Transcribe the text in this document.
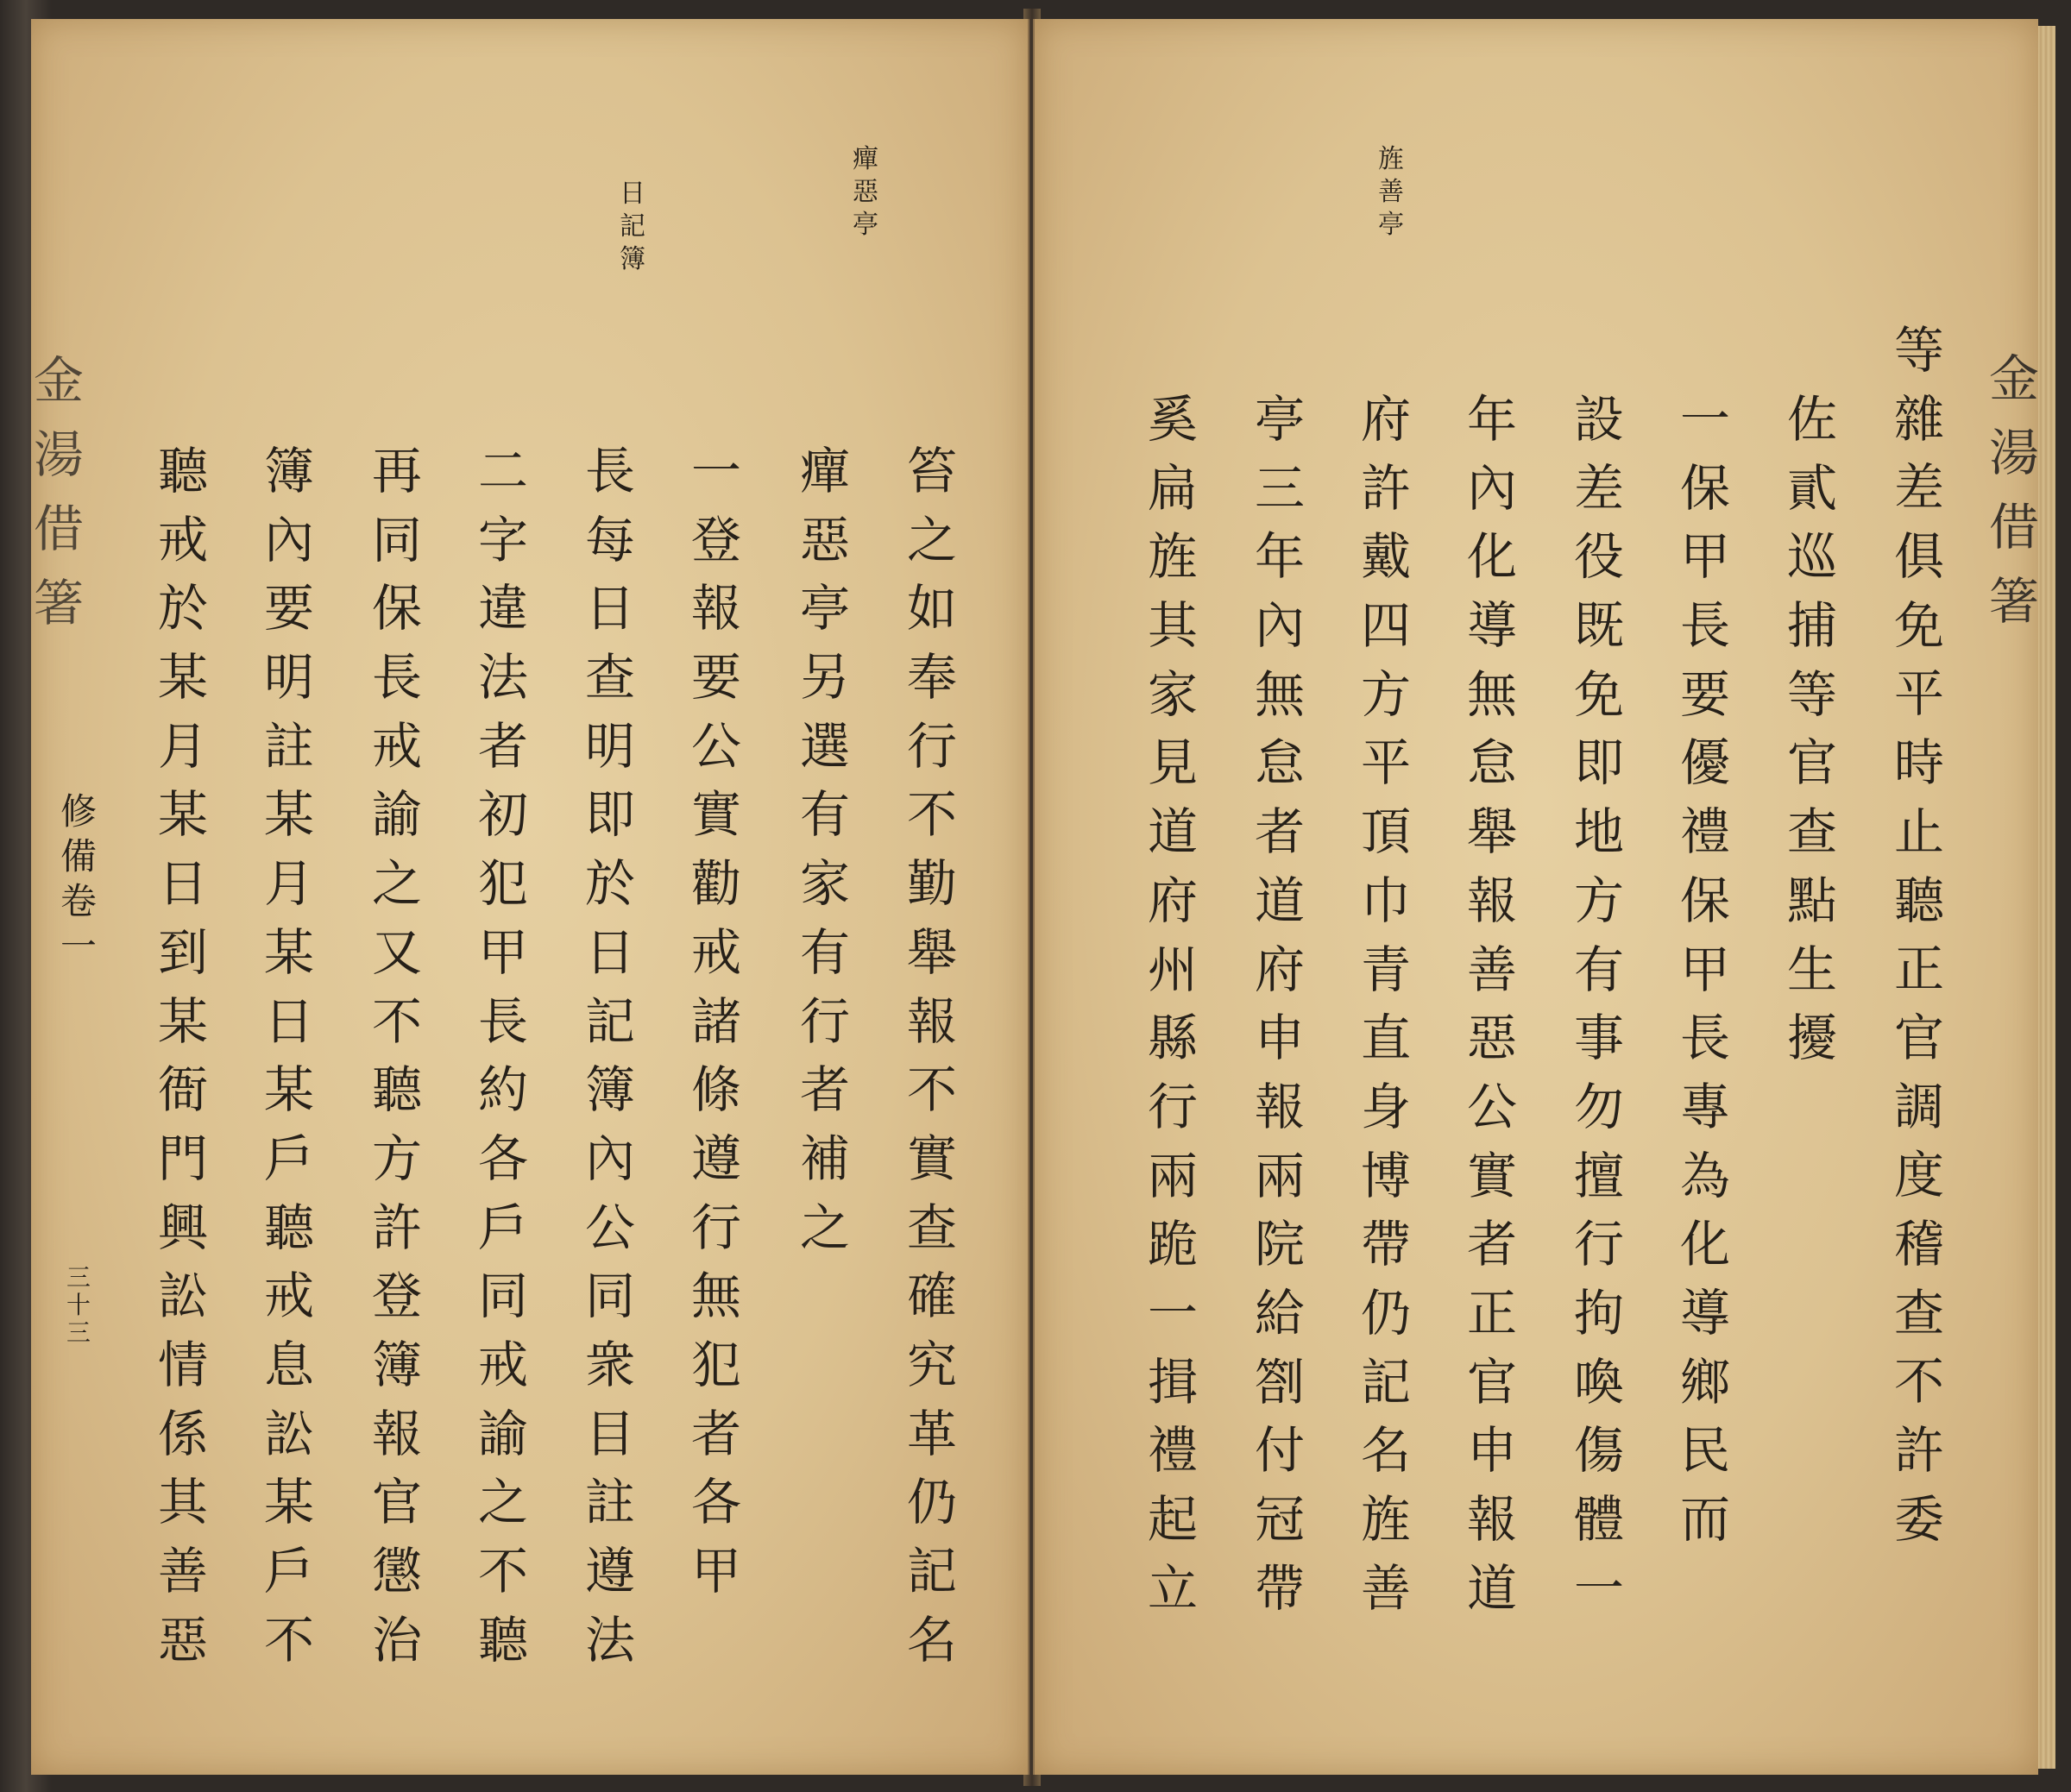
金
湯
借
箸
癉
惡
亭
日
記
簿
修
備
卷
一
三
十
三
笞
之
如
奉
行
不
勤
舉
報
不
實
查
確
究
革
仍
記
名
癉
惡
亭
另
選
有
家
有
行
者
補
之
一
登
報
要
公
實
勸
戒
諸
條
遵
行
無
犯
者
各
甲
長
每
日
查
明
即
於
日
記
簿
內
公
同
衆
目
註
遵
法
二
字
違
法
者
初
犯
甲
長
約
各
戶
同
戒
諭
之
不
聽
再
同
保
長
戒
諭
之
又
不
聽
方
許
登
簿
報
官
懲
治
簿
內
要
明
註
某
月
某
日
某
戶
聽
戒
息
訟
某
戶
不
聽
戒
於
某
月
某
日
到
某
衙
門
興
訟
情
係
其
善
惡
旌
善
亭
金
湯
借
箸
等
雜
差
俱
免
平
時
止
聽
正
官
調
度
稽
查
不
許
委
佐
貳
巡
捕
等
官
查
點
生
擾
一
保
甲
長
要
優
禮
保
甲
長
專
為
化
導
鄉
民
而
設
差
役
既
免
即
地
方
有
事
勿
擅
行
拘
喚
傷
體
一
年
內
化
導
無
怠
舉
報
善
惡
公
實
者
正
官
申
報
道
府
許
戴
四
方
平
頂
巾
青
直
身
博
帶
仍
記
名
旌
善
亭
三
年
內
無
怠
者
道
府
申
報
兩
院
給
劄
付
冠
帶
奚
扁
旌
其
家
見
道
府
州
縣
行
兩
跪
一
揖
禮
起
立
